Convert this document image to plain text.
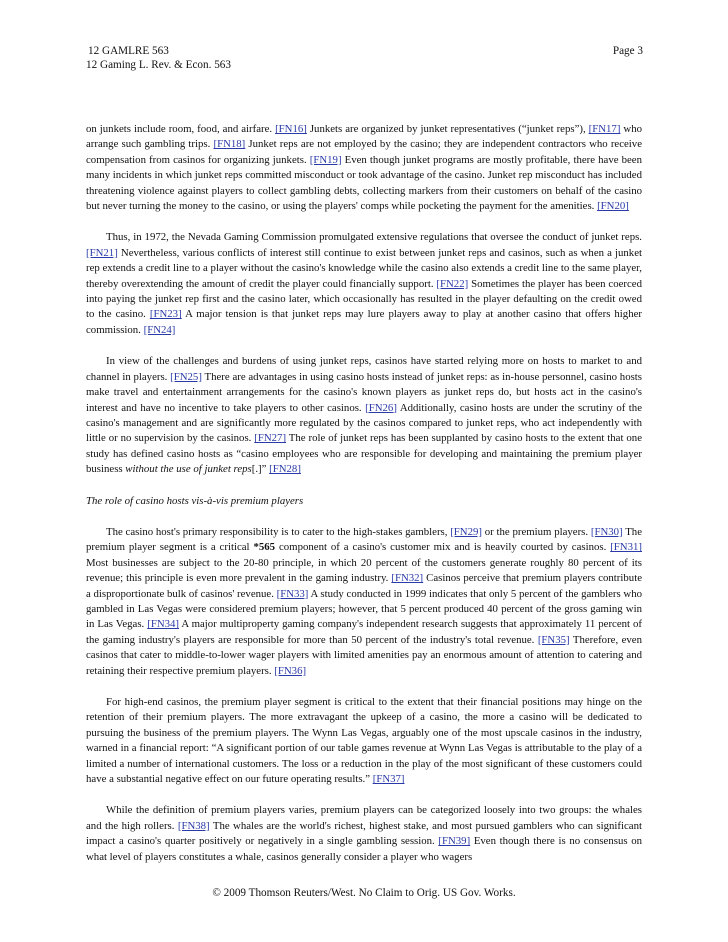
12 GAMLRE 563
12 Gaming L. Rev. & Econ. 563
Page 3

on junkets include room, food, and airfare. [FN16] Junkets are organized by junket representatives (“junket reps”), [FN17] who arrange such gambling trips. [FN18] Junket reps are not employed by the casino; they are independent contractors who receive compensation from casinos for organizing junkets. [FN19] Even though junket programs are mostly profitable, there have been many incidents in which junket reps committed misconduct or took advantage of the casino. Junket rep misconduct has included threatening violence against players to collect gambling debts, collecting markers from their customers on behalf of the casino but never turning the money to the casino, or using the players' comps while pocketing the payment for the amenities. [FN20]

Thus, in 1972, the Nevada Gaming Commission promulgated extensive regulations that oversee the conduct of junket reps. [FN21] Nevertheless, various conflicts of interest still continue to exist between junket reps and casinos, such as when a junket rep extends a credit line to a player without the casino's knowledge while the casino also extends a credit line to the same player, thereby overextending the amount of credit the player could financially support. [FN22] Sometimes the player has been coerced into paying the junket rep first and the casino later, which occasionally has resulted in the player defaulting on the credit owed to the casino. [FN23] A major tension is that junket reps may lure players away to play at another casino that offers higher commission. [FN24]

In view of the challenges and burdens of using junket reps, casinos have started relying more on hosts to market to and channel in players. [FN25] There are advantages in using casino hosts instead of junket reps: as in-house personnel, casino hosts make travel and entertainment arrangements for the casino's known players as junket reps do, but hosts act in the casino's interest and have no incentive to take players to other casinos. [FN26] Additionally, casino hosts are under the scrutiny of the casino's management and are significantly more regulated by the casinos compared to junket reps, who act independently with little or no supervision by the casinos. [FN27] The role of junket reps has been supplanted by casino hosts to the extent that one study has defined casino hosts as “casino employees who are responsible for developing and maintaining the premium player business without the use of junket reps[.]” [FN28]

The role of casino hosts vis-à-vis premium players

The casino host's primary responsibility is to cater to the high-stakes gamblers, [FN29] or the premium players. [FN30] The premium player segment is a critical *565 component of a casino's customer mix and is heavily courted by casinos. [FN31] Most businesses are subject to the 20-80 principle, in which 20 percent of the customers generate roughly 80 percent of its revenue; this principle is even more prevalent in the gaming industry. [FN32] Casinos perceive that premium players contribute a disproportionate bulk of casinos' revenue. [FN33] A study conducted in 1999 indicates that only 5 percent of the gamblers who gambled in Las Vegas were considered premium players; however, that 5 percent produced 40 percent of the gross gaming win in Las Vegas. [FN34] A major multiproperty gaming company's independent research suggests that approximately 11 percent of the gaming industry's players are responsible for more than 50 percent of the industry's total revenue. [FN35] Therefore, even casinos that cater to middle-to-lower wager players with limited amenities pay an enormous amount of attention to catering and retaining their respective premium players. [FN36]

For high-end casinos, the premium player segment is critical to the extent that their financial positions may hinge on the retention of their premium players. The more extravagant the upkeep of a casino, the more a casino will be dedicated to pursuing the business of the premium players. The Wynn Las Vegas, arguably one of the most upscale casinos in the industry, warned in a financial report: “A significant portion of our table games revenue at Wynn Las Vegas is attributable to the play of a limited a number of international customers. The loss or a reduction in the play of the most significant of these customers could have a substantial negative effect on our future operating results.” [FN37]

While the definition of premium players varies, premium players can be categorized loosely into two groups: the whales and the high rollers. [FN38] The whales are the world's richest, highest stake, and most pursued gamblers who can significant impact a casino's quarter positively or negatively in a single gambling session. [FN39] Even though there is no consensus on what level of players constitutes a whale, casinos generally consider a player who wagers

© 2009 Thomson Reuters/West. No Claim to Orig. US Gov. Works.
